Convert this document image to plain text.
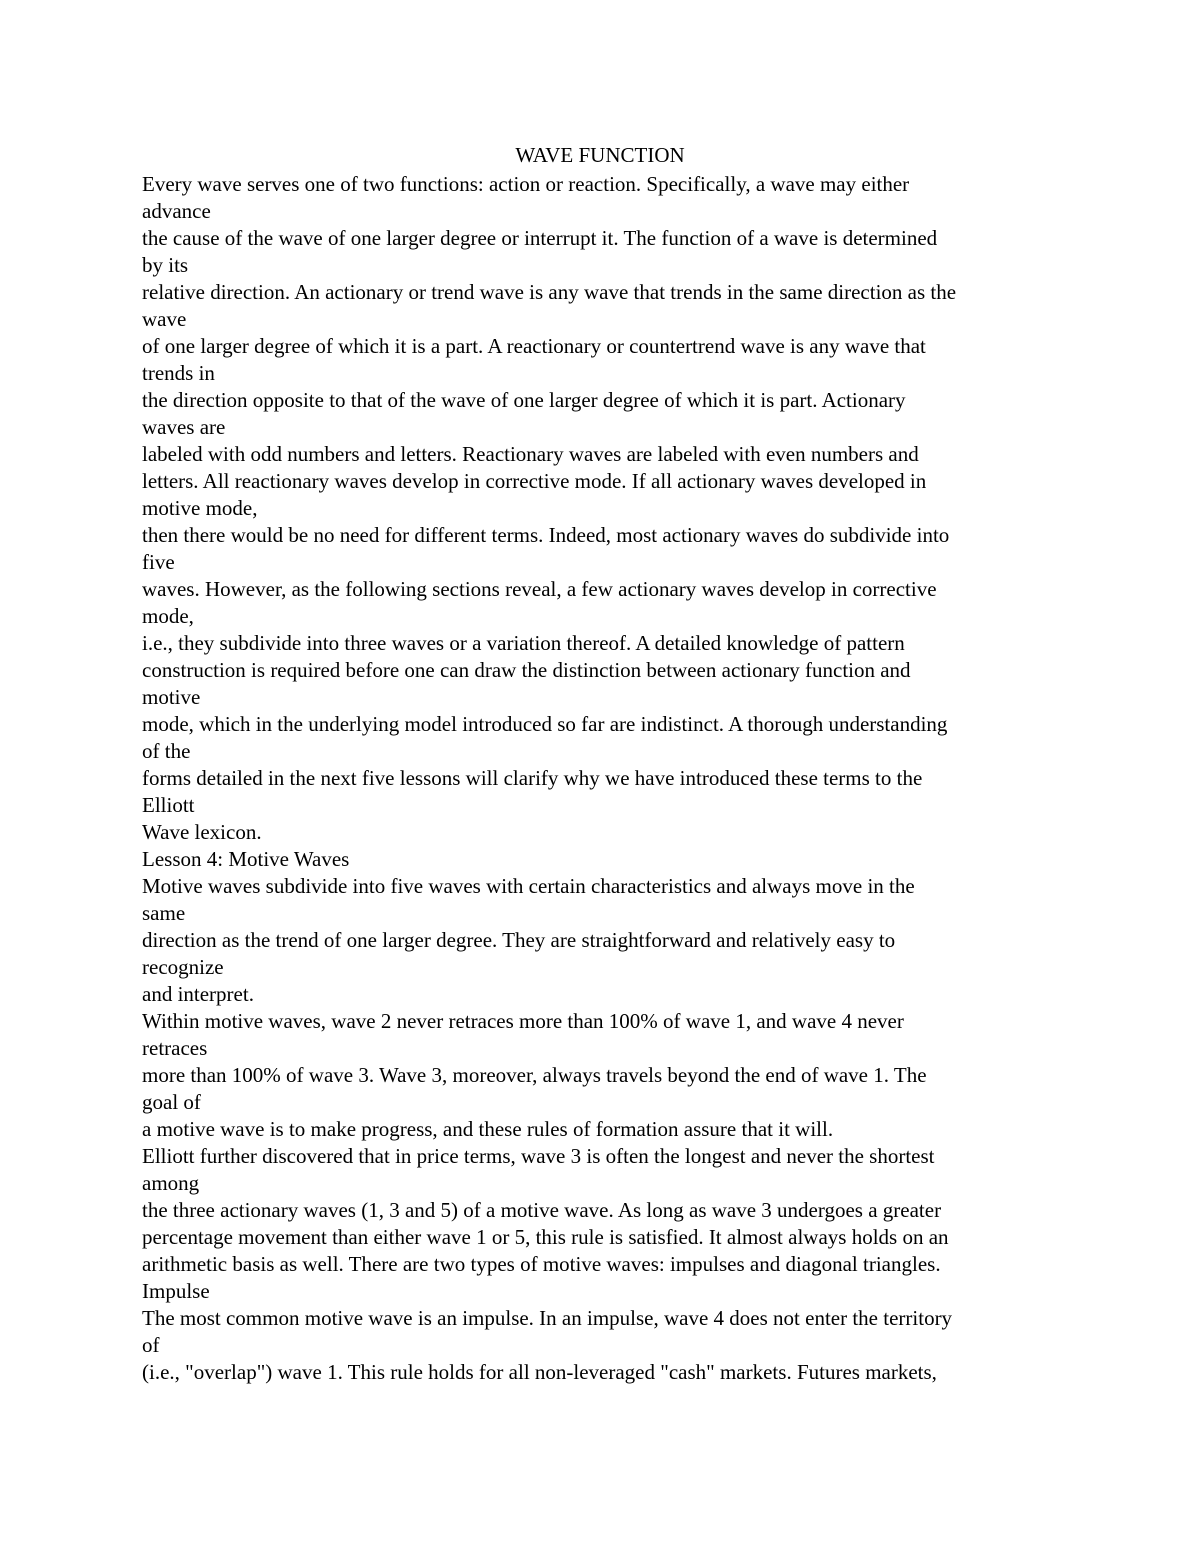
WAVE FUNCTION
Every wave serves one of two functions: action or reaction. Specifically, a wave may either
advance
the cause of the wave of one larger degree or interrupt it. The function of a wave is determined
by its
relative direction. An actionary or trend wave is any wave that trends in the same direction as the
wave
of one larger degree of which it is a part. A reactionary or countertrend wave is any wave that
trends in
the direction opposite to that of the wave of one larger degree of which it is part. Actionary
waves are
labeled with odd numbers and letters. Reactionary waves are labeled with even numbers and
letters. All reactionary waves develop in corrective mode. If all actionary waves developed in
motive mode,
then there would be no need for different terms. Indeed, most actionary waves do subdivide into
five
waves. However, as the following sections reveal, a few actionary waves develop in corrective
mode,
i.e., they subdivide into three waves or a variation thereof. A detailed knowledge of pattern
construction is required before one can draw the distinction between actionary function and
motive
mode, which in the underlying model introduced so far are indistinct. A thorough understanding
of the
forms detailed in the next five lessons will clarify why we have introduced these terms to the
Elliott
Wave lexicon.
Lesson 4: Motive Waves
Motive waves subdivide into five waves with certain characteristics and always move in the
same
direction as the trend of one larger degree. They are straightforward and relatively easy to
recognize
and interpret.
Within motive waves, wave 2 never retraces more than 100% of wave 1, and wave 4 never
retraces
more than 100% of wave 3. Wave 3, moreover, always travels beyond the end of wave 1. The
goal of
a motive wave is to make progress, and these rules of formation assure that it will.
Elliott further discovered that in price terms, wave 3 is often the longest and never the shortest
among
the three actionary waves (1, 3 and 5) of a motive wave. As long as wave 3 undergoes a greater
percentage movement than either wave 1 or 5, this rule is satisfied. It almost always holds on an
arithmetic basis as well. There are two types of motive waves: impulses and diagonal triangles.
Impulse
The most common motive wave is an impulse. In an impulse, wave 4 does not enter the territory
of
(i.e., "overlap") wave 1. This rule holds for all non-leveraged "cash" markets. Futures markets,
